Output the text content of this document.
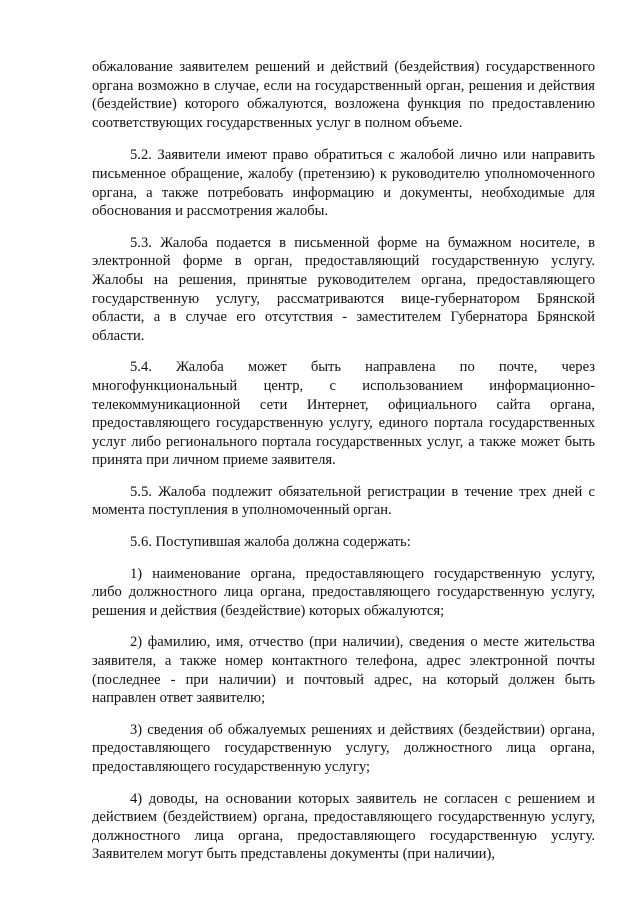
обжалование заявителем решений и действий (бездействия) государственного органа возможно в случае, если на государственный орган, решения и действия (бездействие) которого обжалуются, возложена функция по предоставлению соответствующих государственных услуг в полном объеме.

5.2. Заявители имеют право обратиться с жалобой лично или направить письменное обращение, жалобу (претензию) к руководителю уполномоченного органа, а также потребовать информацию и документы, необходимые для обоснования и рассмотрения жалобы.

5.3. Жалоба подается в письменной форме на бумажном носителе, в электронной форме в орган, предоставляющий государственную услугу. Жалобы на решения, принятые руководителем органа, предоставляющего государственную услугу, рассматриваются вице-губернатором Брянской области, а в случае его отсутствия - заместителем Губернатора Брянской области.

5.4. Жалоба может быть направлена по почте, через многофункциональный центр, с использованием информационно-телекоммуникационной сети Интернет, официального сайта органа, предоставляющего государственную услугу, единого портала государственных услуг либо регионального портала государственных услуг, а также может быть принята при личном приеме заявителя.

5.5. Жалоба подлежит обязательной регистрации в течение трех дней с момента поступления в уполномоченный орган.

5.6. Поступившая жалоба должна содержать:

1) наименование органа, предоставляющего государственную услугу, либо должностного лица органа, предоставляющего государственную услугу, решения и действия (бездействие) которых обжалуются;

2) фамилию, имя, отчество (при наличии), сведения о месте жительства заявителя, а также номер контактного телефона, адрес электронной почты (последнее - при наличии) и почтовый адрес, на который должен быть направлен ответ заявителю;

3) сведения об обжалуемых решениях и действиях (бездействии) органа, предоставляющего государственную услугу, должностного лица органа, предоставляющего государственную услугу;

4) доводы, на основании которых заявитель не согласен с решением и действием (бездействием) органа, предоставляющего государственную услугу, должностного лица органа, предоставляющего государственную услугу. Заявителем могут быть представлены документы (при наличии),
